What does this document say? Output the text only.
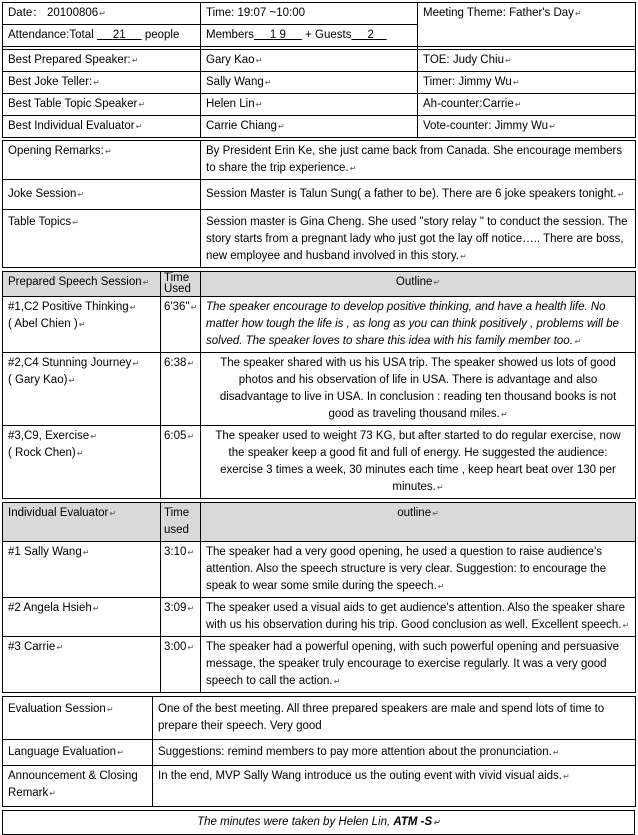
Date： 20100806 ↵	Time: 19:07 ~10:00	Meeting Theme: Father's Day ↵
Attendance:Total 21 people	Members 1 9 + Guests 2	

Best Prepared Speaker: ↵	Gary Kao ↵	TOE: Judy Chiu ↵
Best Joke Teller: ↵	Sally Wang ↵	Timer: Jimmy Wu ↵
Best Table Topic Speaker ↵	Helen Lin ↵	Ah-counter:Carrie ↵
Best Individual Evaluator ↵	Carrie Chiang ↵	Vote-counter: Jimmy Wu ↵
Opening Remarks: ↵	By President Erin Ke, she just came back from Canada. She encourage members to share the trip experience. ↵
Joke Session ↵	Session Master is Talun Sung( a father to be). There are 6 joke speakers tonight. ↵
Table Topics ↵	Session master is Gina Cheng. She used "story relay " to conduct the session. The story starts from a pregnant lady who just got the lay off notice….. There are boss, new employee and husband involved in this story. ↵
Prepared Speech Session ↵	Time Used	Outline ↵
#1,C2 Positive Thinking ↵
( Abel Chien ) ↵	6'36" ↵	The speaker encourage to develop positive thinking, and have a health life. No matter how tough the life is , as long as you can think positively , problems will be solved. The speaker loves to share this idea with his family member too. ↵
#2,C4 Stunning Journey ↵
( Gary Kao) ↵	6:38 ↵	The speaker shared with us his USA trip. The speaker showed us lots of good photos and his observation of life in USA. There is advantage and also disadvantage to live in USA. In conclusion : reading ten thousand books is not good as traveling thousand miles. ↵
#3,C9, Exercise ↵
( Rock Chen) ↵	6:05 ↵	The speaker used to weight 73 KG, but after started to do regular exercise, now the speaker keep a good fit and full of energy. He suggested the audience: exercise 3 times a week, 30 minutes each time , keep heart beat over 130 per minutes. ↵
Individual Evaluator ↵	Time used	outline ↵
#1 Sally Wang ↵	3:10 ↵	The speaker had a very good opening, he used a question to raise audience's attention. Also the speech structure is very clear. Suggestion: to encourage the speak to wear some smile during the speech. ↵
#2 Angela Hsieh ↵	3:09 ↵	The speaker used a visual aids to get audience's attention. Also the speaker share with us his observation during his trip. Good conclusion as well. Excellent speech. ↵
#3 Carrie ↵	3:00 ↵	The speaker had a powerful opening, with such powerful opening and persuasive message, the speaker truly encourage to exercise regularly. It was a very good speech to call the action. ↵
Evaluation Session ↵	One of the best meeting. All three prepared speakers are male and spend lots of time to prepare their speech. Very good
Language Evaluation ↵	Suggestions: remind members to pay more attention about the pronunciation. ↵
Announcement & Closing Remark ↵	In the end, MVP Sally Wang introduce us the outing event with vivid visual aids. ↵
The minutes were taken by Helen Lin, ATM -S ↵
